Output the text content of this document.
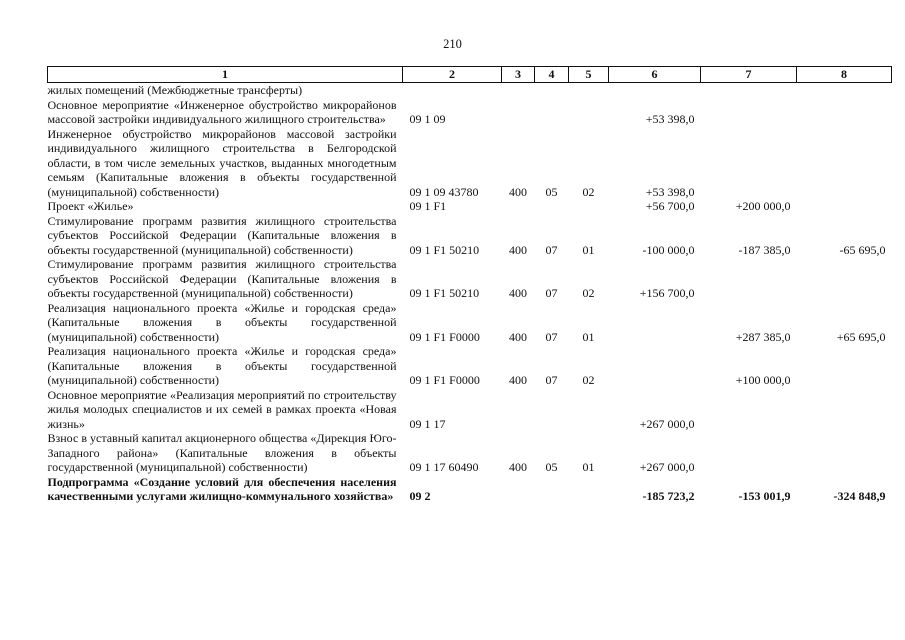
210
1	2	3	4	5	6	7	8
жилых помещений (Межбюджетные трансферты)							
Основное мероприятие «Инженерное обустройство микрорайонов массовой застройки индивидуального жилищного строительства»	09 1 09				+53 398,0		
Инженерное обустройство микрорайонов массовой застройки индивидуального жилищного строительства в Белгородской области, в том числе земельных участков, выданных многодетным семьям (Капитальные вложения в объекты государственной (муниципальной) собственности)	09 1 09 43780	400	05	02	+53 398,0		
Проект «Жилье»	09 1 F1				+56 700,0	+200 000,0	
Стимулирование программ развития жилищного строительства субъектов Российской Федерации (Капитальные вложения в объекты государственной (муниципальной) собственности)	09 1 F1 50210	400	07	01	-100 000,0	-187 385,0	-65 695,0
Стимулирование программ развития жилищного строительства субъектов Российской Федерации (Капитальные вложения в объекты государственной (муниципальной) собственности)	09 1 F1 50210	400	07	02	+156 700,0		
Реализация национального проекта «Жилье и городская среда» (Капитальные вложения в объекты государственной (муниципальной) собственности)	09 1 F1 F0000	400	07	01		+287 385,0	+65 695,0
Реализация национального проекта «Жилье и городская среда» (Капитальные вложения в объекты государственной (муниципальной) собственности)	09 1 F1 F0000	400	07	02		+100 000,0	
Основное мероприятие «Реализация мероприятий по строительству жилья молодых специалистов и их семей в рамках проекта «Новая жизнь»	09 1 17				+267 000,0		
Взнос в уставный капитал акционерного общества «Дирекция Юго-Западного района» (Капитальные вложения в объекты государственной (муниципальной) собственности)	09 1 17 60490	400	05	01	+267 000,0		
Подпрограмма «Создание условий для обеспечения населения качественными услугами жилищно-коммунального хозяйства»	09 2				-185 723,2	-153 001,9	-324 848,9
